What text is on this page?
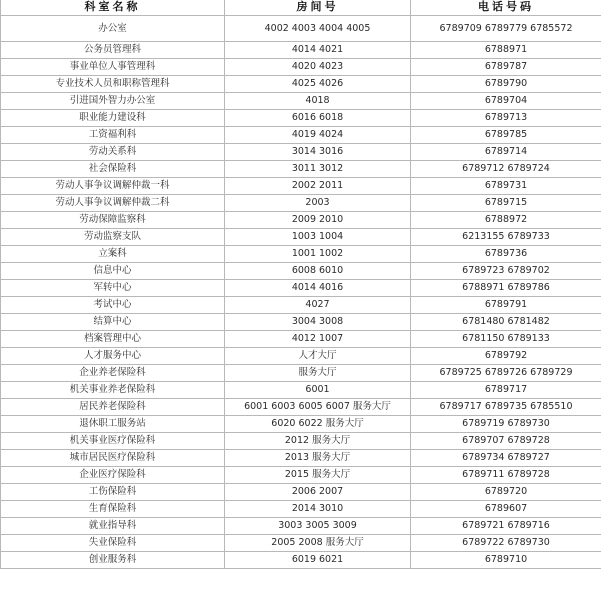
科室名称	房间号	电话号码
办公室	4002 4003 4004 4005	6789709 6789779 6785572
公务员管理科	4014 4021	6788971
事业单位人事管理科	4020 4023	6789787
专业技术人员和职称管理科	4025 4026	6789790
引进国外智力办公室	4018	6789704
职业能力建设科	6016 6018	6789713
工资福利科	4019 4024	6789785
劳动关系科	3014 3016	6789714
社会保险科	3011 3012	6789712 6789724
劳动人事争议调解仲裁一科	2002 2011	6789731
劳动人事争议调解仲裁二科	2003	6789715
劳动保障监察科	2009 2010	6788972
劳动监察支队	1003 1004	6213155 6789733
立案科	1001 1002	6789736
信息中心	6008 6010	6789723 6789702
军转中心	4014 4016	6788971 6789786
考试中心	4027	6789791
结算中心	3004 3008	6781480 6781482
档案管理中心	4012 1007	6781150 6789133
人才服务中心	人才大厅	6789792
企业养老保险科	服务大厅	6789725 6789726 6789729
机关事业养老保险科	6001	6789717
居民养老保险科	6001 6003 6005 6007 服务大厅	6789717 6789735 6785510
退休职工服务站	6020 6022 服务大厅	6789719 6789730
机关事业医疗保险科	2012 服务大厅	6789707 6789728
城市居民医疗保险科	2013 服务大厅	6789734 6789727
企业医疗保险科	2015 服务大厅	6789711 6789728
工伤保险科	2006 2007	6789720
生育保险科	2014 3010	6789607
就业指导科	3003 3005 3009	6789721 6789716
失业保险科	2005 2008 服务大厅	6789722 6789730
创业服务科	6019 6021	6789710
